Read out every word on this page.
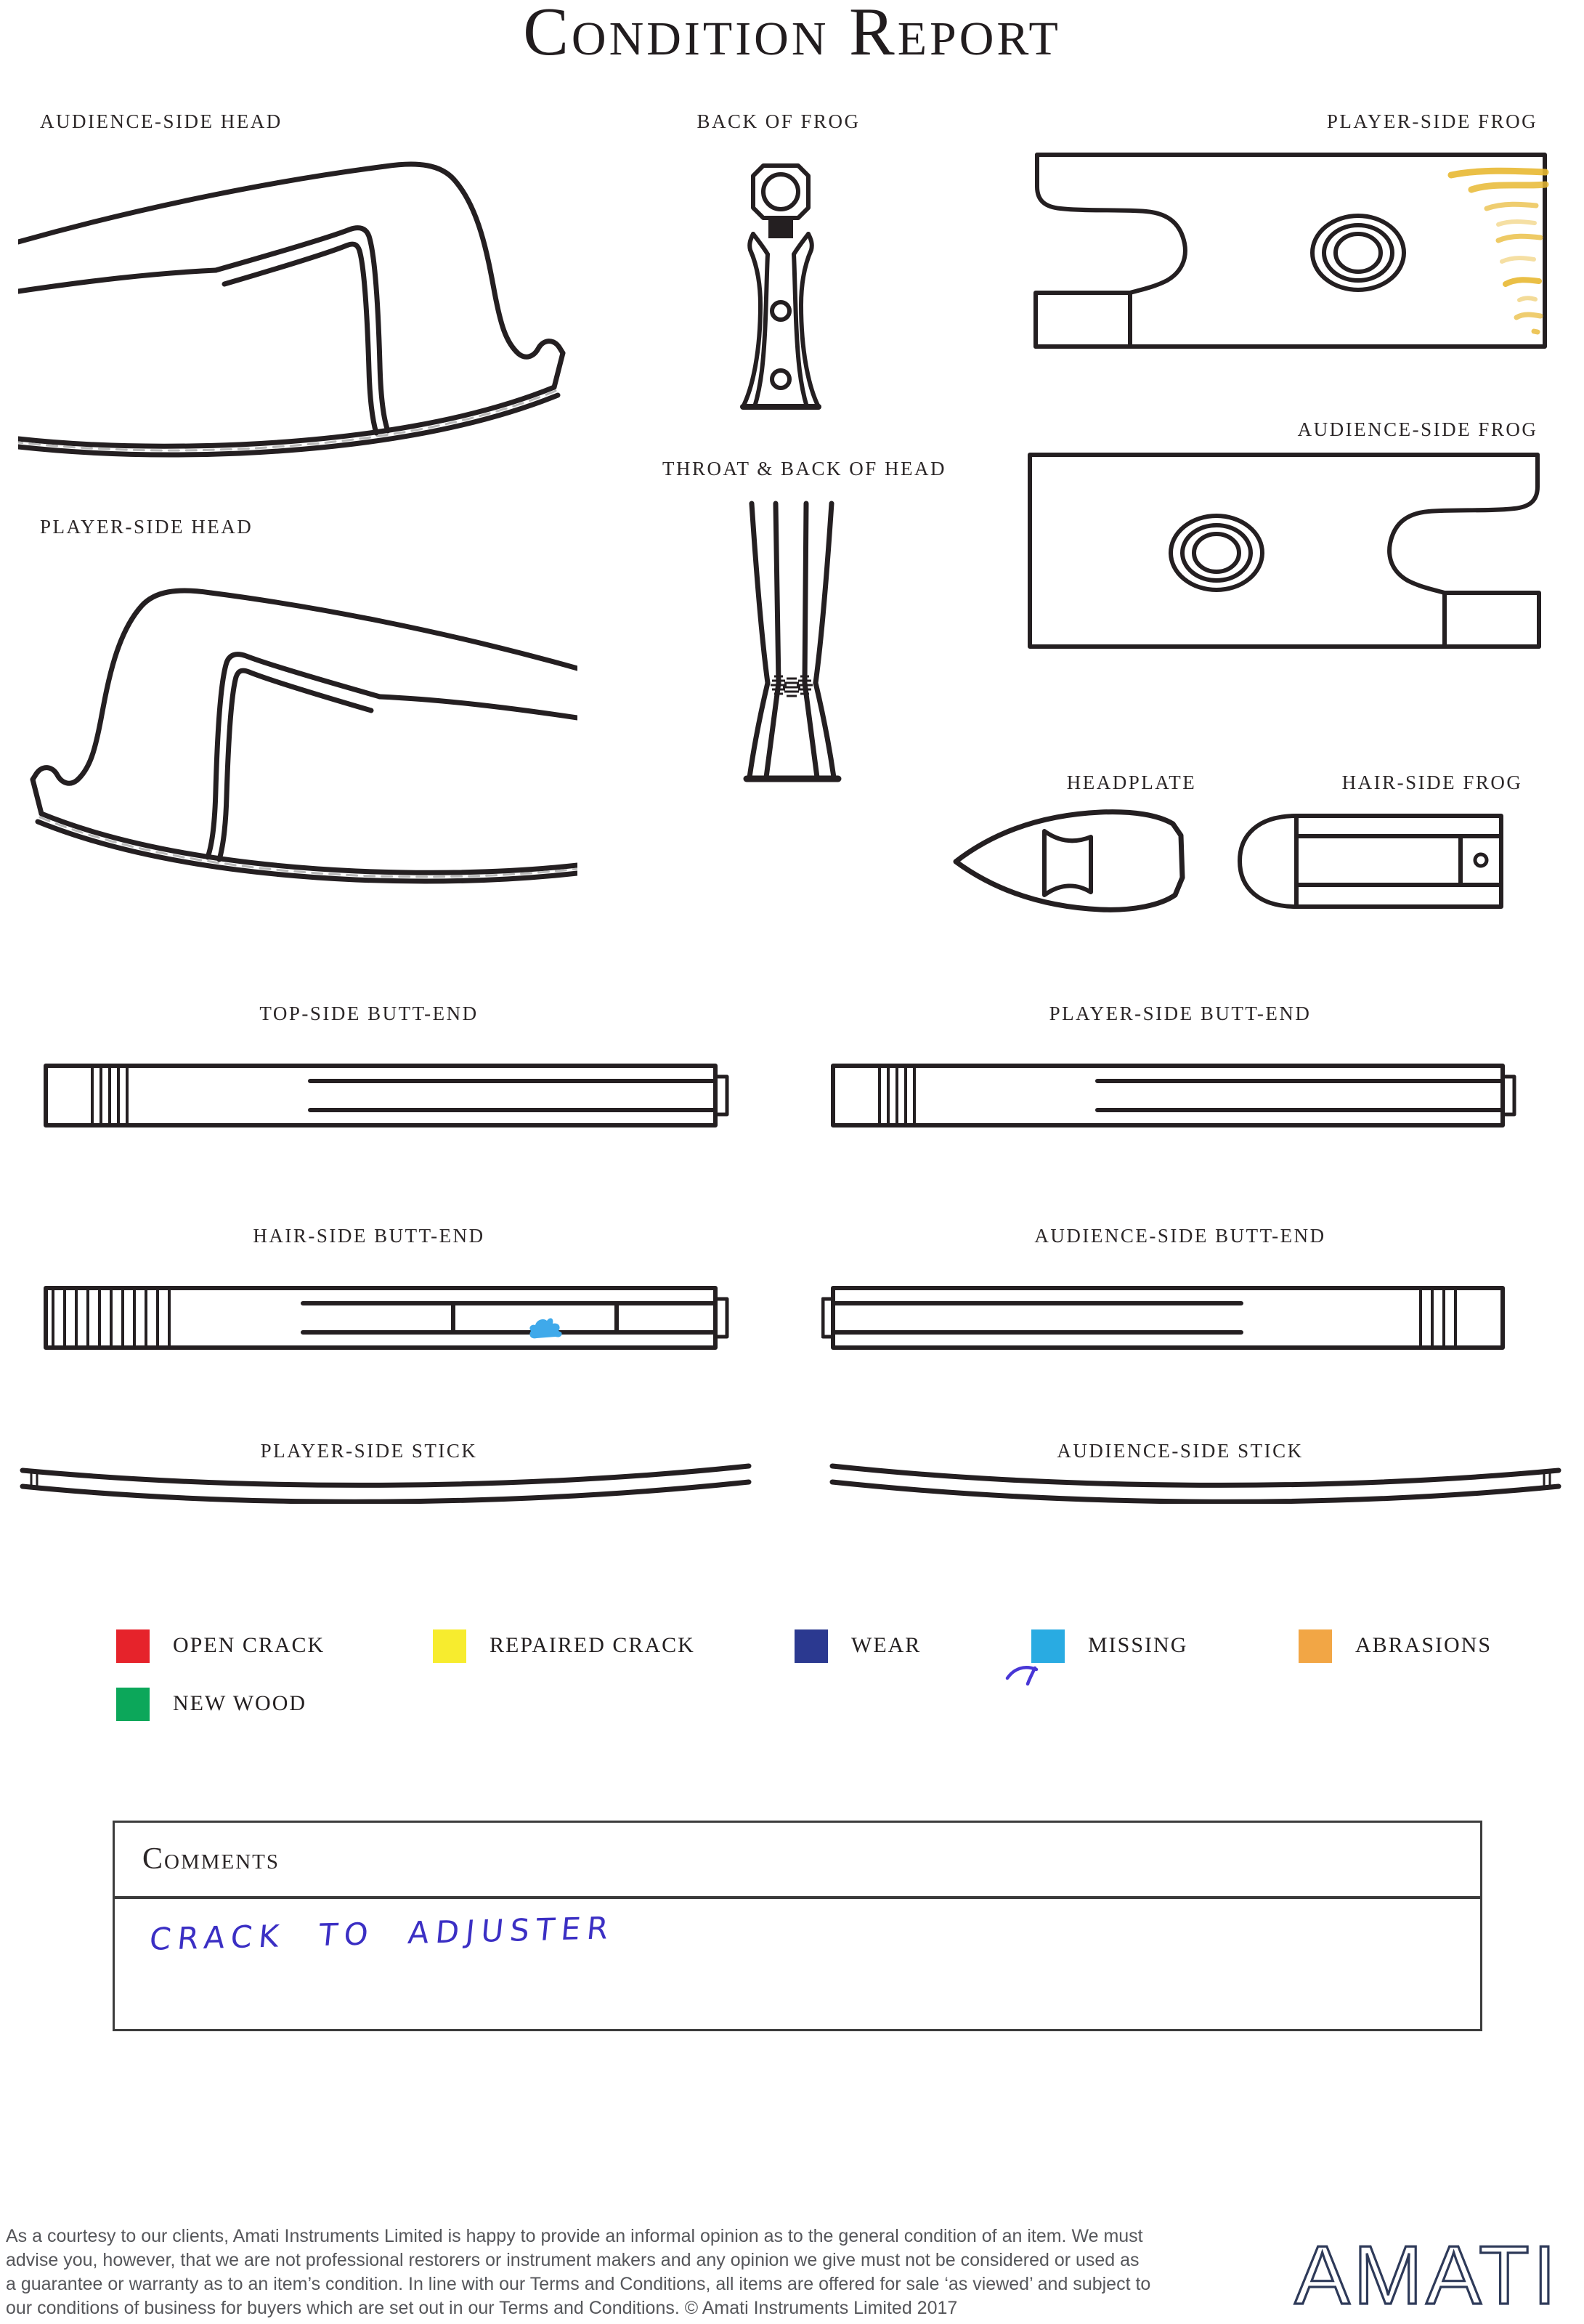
Condition Report
AUDIENCE-SIDE HEAD	BACK OF FROG	PLAYER-SIDE FROG
AUDIENCE-SIDE FROG
PLAYER-SIDE HEAD
THROAT & BACK OF HEAD
HEADPLATE	HAIR-SIDE FROG
TOP-SIDE BUTT-END	PLAYER-SIDE BUTT-END
HAIR-SIDE BUTT-END	AUDIENCE-SIDE BUTT-END
PLAYER-SIDE STICK	AUDIENCE-SIDE STICK
OPEN CRACK	REPAIRED CRACK	WEAR	MISSING	ABRASIONS
NEW WOOD
Comments
CRACK TO ADJUSTER
As a courtesy to our clients, Amati Instruments Limited is happy to provide an informal opinion as to the general condition of an item. We must
advise you, however, that we are not professional restorers or instrument makers and any opinion we give must not be considered or used as
a guarantee or warranty as to an item’s condition. In line with our Terms and Conditions, all items are offered for sale ‘as viewed’ and subject to
our conditions of business for buyers which are set out in our Terms and Conditions. © Amati Instruments Limited 2017	AMATI
